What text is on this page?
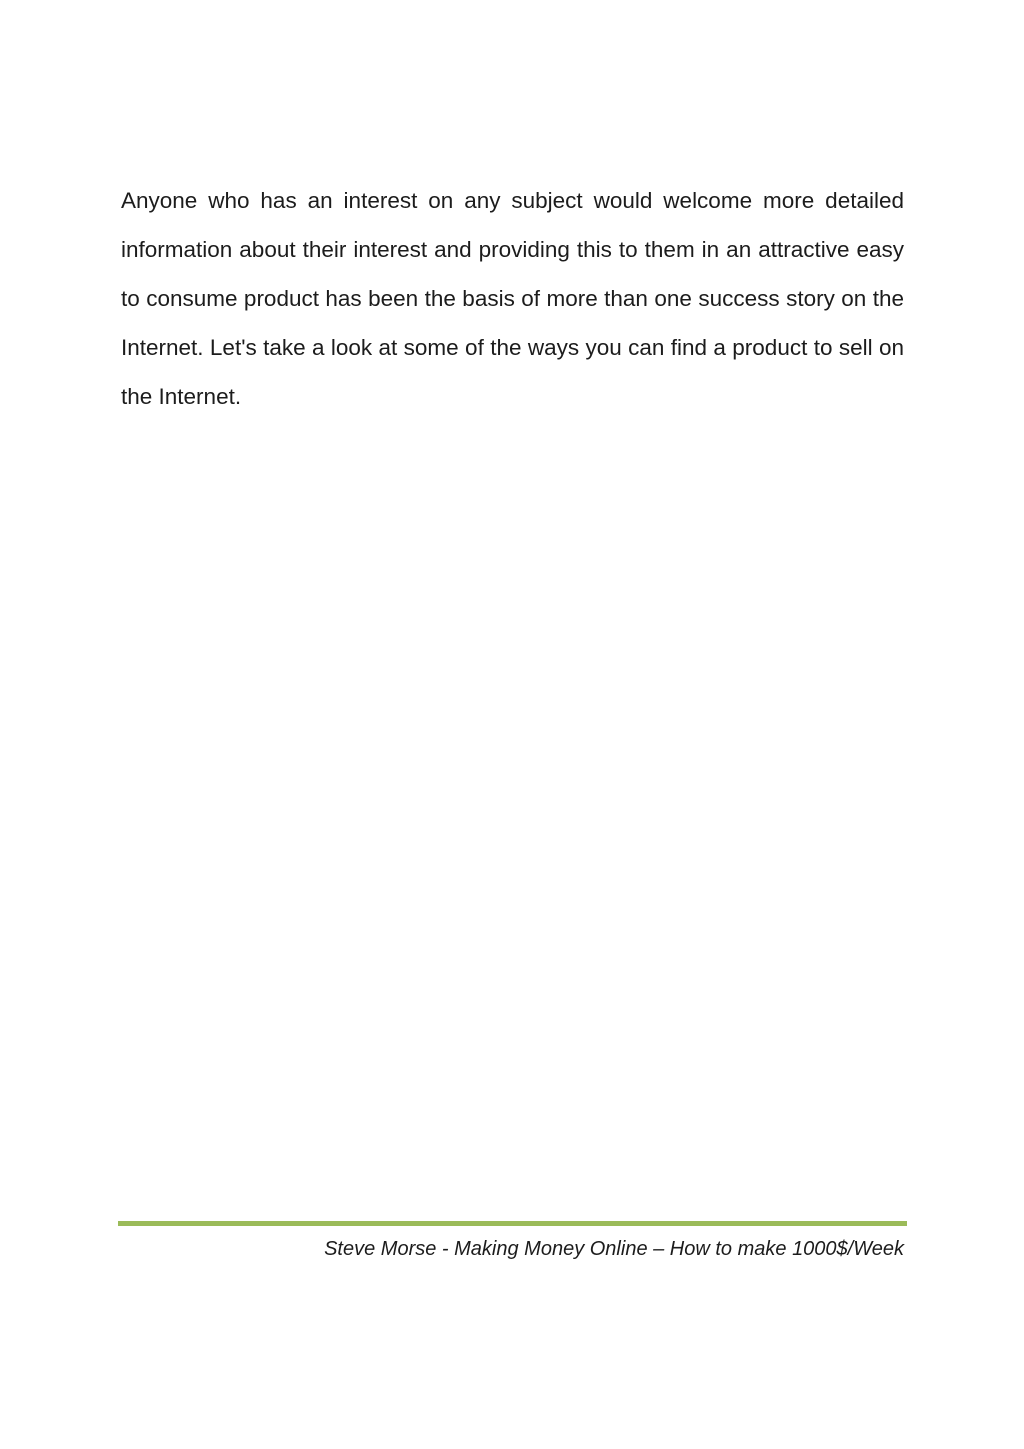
Anyone who has an interest on any subject would welcome more detailed information about their interest and providing this to them in an attractive easy to consume product has been the basis of more than one success story on the Internet. Let's take a look at some of the ways you can find a product to sell on the Internet.

Steve Morse - Making Money Online – How to make 1000$/Week
